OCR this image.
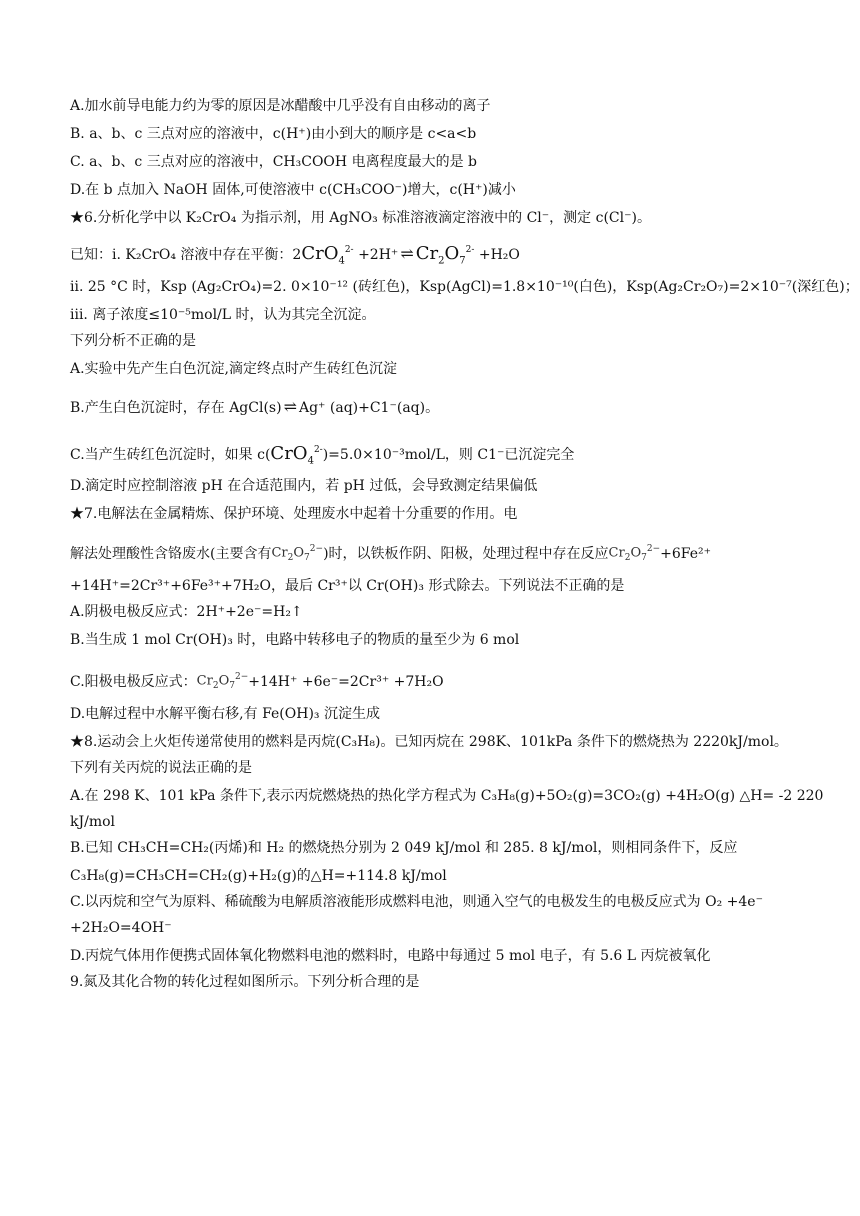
A.加水前导电能力约为零的原因是冰醋酸中几乎没有自由移动的离子
B. a、b、c 三点对应的溶液中，c(H⁺)由小到大的顺序是 c<a<b
C. a、b、c 三点对应的溶液中，CH₃COOH 电离程度最大的是 b
D.在 b 点加入 NaOH 固体,可使溶液中 c(CH₃COO⁻)增大，c(H⁺)减小
★6.分析化学中以 K₂CrO₄ 为指示剂，用 AgNO₃ 标准溶液滴定溶液中的 Cl⁻，测定 c(Cl⁻)。
已知：ⅰ. K₂CrO₄ 溶液中存在平衡：2CrO$_4^{2-}$ +2H⁺ ⇌ $Cr_2O_7^{2-} +H_2O$
ⅱ. 25 °C 时，Ksp (Ag₂CrO₄)=2. 0×10⁻¹² (砖红色)，Ksp(AgCl)=1.8×10⁻¹⁰(白色)，Ksp(Ag₂Cr₂O₇)=2×10⁻⁷(深红色)；
ⅲ. 离子浓度≤10⁻⁵mol/L 时，认为其完全沉淀。
下列分析不正确的是
A.实验中先产生白色沉淀,滴定终点时产生砖红色沉淀
B.产生白色沉淀时，存在 AgCl(s) ⇌ Ag⁺ (aq)+C1⁻(aq)。
C.当产生砖红色沉淀时，如果 c(CrO$_4^{2-}$)=5.0×10⁻³mol/L，则 C1⁻已沉淀完全
D.滴定时应控制溶液 pH 在合适范围内，若 pH 过低，会导致测定结果偏低
★7.电解法在金属精炼、保护环境、处理废水中起着十分重要的作用。电
解法处理酸性含铬废水(主要含有$Cr_2O_7^{2-}$)时，以铁板作阴、阳极，处理过程中存在反应$Cr_2O_7^{2-}+6Fe^{2+}$
+14H⁺=2Cr³⁺+6Fe³⁺+7H₂O，最后 Cr³⁺以 Cr(OH)₃ 形式除去。下列说法不正确的是
A.阴极电极反应式：2H⁺+2e⁻=H₂↑
B.当生成 1 mol Cr(OH)₃ 时，电路中转移电子的物质的量至少为 6 mol
C.阳极电极反应式：$Cr_2O_7^{2-}+14H^+ +6e^-=2Cr^{3+} +7H_2O$
D.电解过程中水解平衡右移,有 Fe(OH)₃ 沉淀生成
★8.运动会上火炬传递常使用的燃料是丙烷(C₃H₈)。已知丙烷在 298K、101kPa 条件下的燃烧热为 2220kJ/mol。
下列有关丙烷的说法正确的是
A.在 298 K、101 kPa 条件下,表示丙烷燃烧热的热化学方程式为 C₃H₈(g)+5O₂(g)=3CO₂(g) +4H₂O(g) △H= -2 220
kJ/mol
B.已知 CH₃CH=CH₂(丙烯)和 H₂ 的燃烧热分别为 2 049 kJ/mol 和 285. 8 kJ/mol，则相同条件下，反应
C₃H₈(g)=CH₃CH=CH₂(g)+H₂(g)的△H=+114.8 kJ/mol
C.以丙烷和空气为原料、稀硫酸为电解质溶液能形成燃料电池，则通入空气的电极发生的电极反应式为 O₂ +4e⁻
+2H₂O=4OH⁻
D.丙烷气体用作便携式固体氧化物燃料电池的燃料时，电路中每通过 5 mol 电子，有 5.6 L 丙烷被氧化
9.氮及其化合物的转化过程如图所示。下列分析合理的是
